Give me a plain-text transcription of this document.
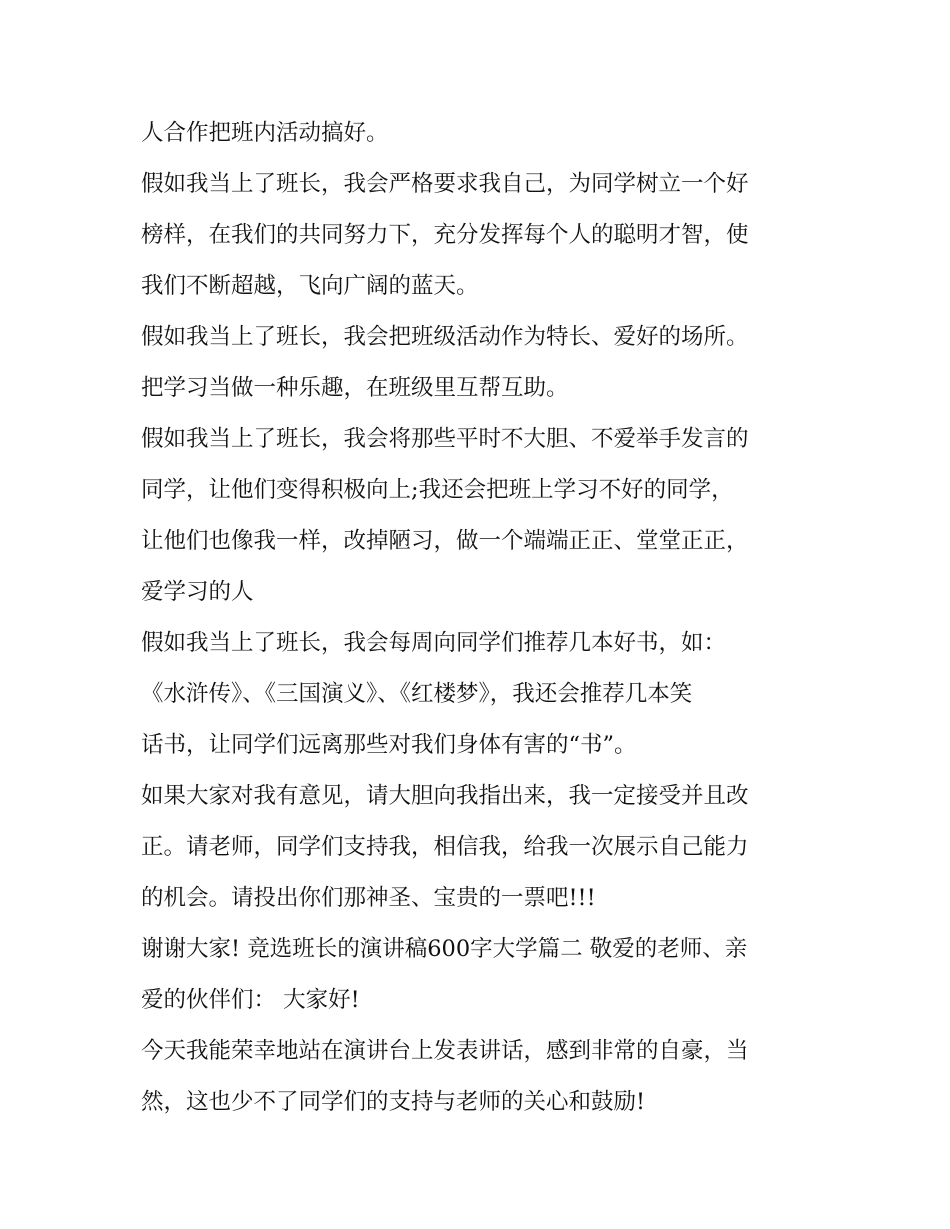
人合作把班内活动搞好。
假如我当上了班长，我会严格要求我自己，为同学树立一个好
榜样，在我们的共同努力下，充分发挥每个人的聪明才智，使
我们不断超越，飞向广阔的蓝天。
假如我当上了班长，我会把班级活动作为特长、爱好的场所。
把学习当做一种乐趣，在班级里互帮互助。
假如我当上了班长，我会将那些平时不大胆、不爱举手发言的
同学，让他们变得积极向上;我还会把班上学习不好的同学，
让他们也像我一样，改掉陋习，做一个端端正正、堂堂正正，
爱学习的人
假如我当上了班长，我会每周向同学们推荐几本好书，如：
《水浒传》、《三国演义》、《红楼梦》，我还会推荐几本笑
话书，让同学们远离那些对我们身体有害的“书”。
如果大家对我有意见，请大胆向我指出来，我一定接受并且改
正。请老师，同学们支持我，相信我，给我一次展示自己能力
的机会。请投出你们那神圣、宝贵的一票吧!!!
谢谢大家! 竞选班长的演讲稿600字大学篇二 敬爱的老师、亲
爱的伙伴们： 大家好!
今天我能荣幸地站在演讲台上发表讲话，感到非常的自豪，当
然，这也少不了同学们的支持与老师的关心和鼓励!
